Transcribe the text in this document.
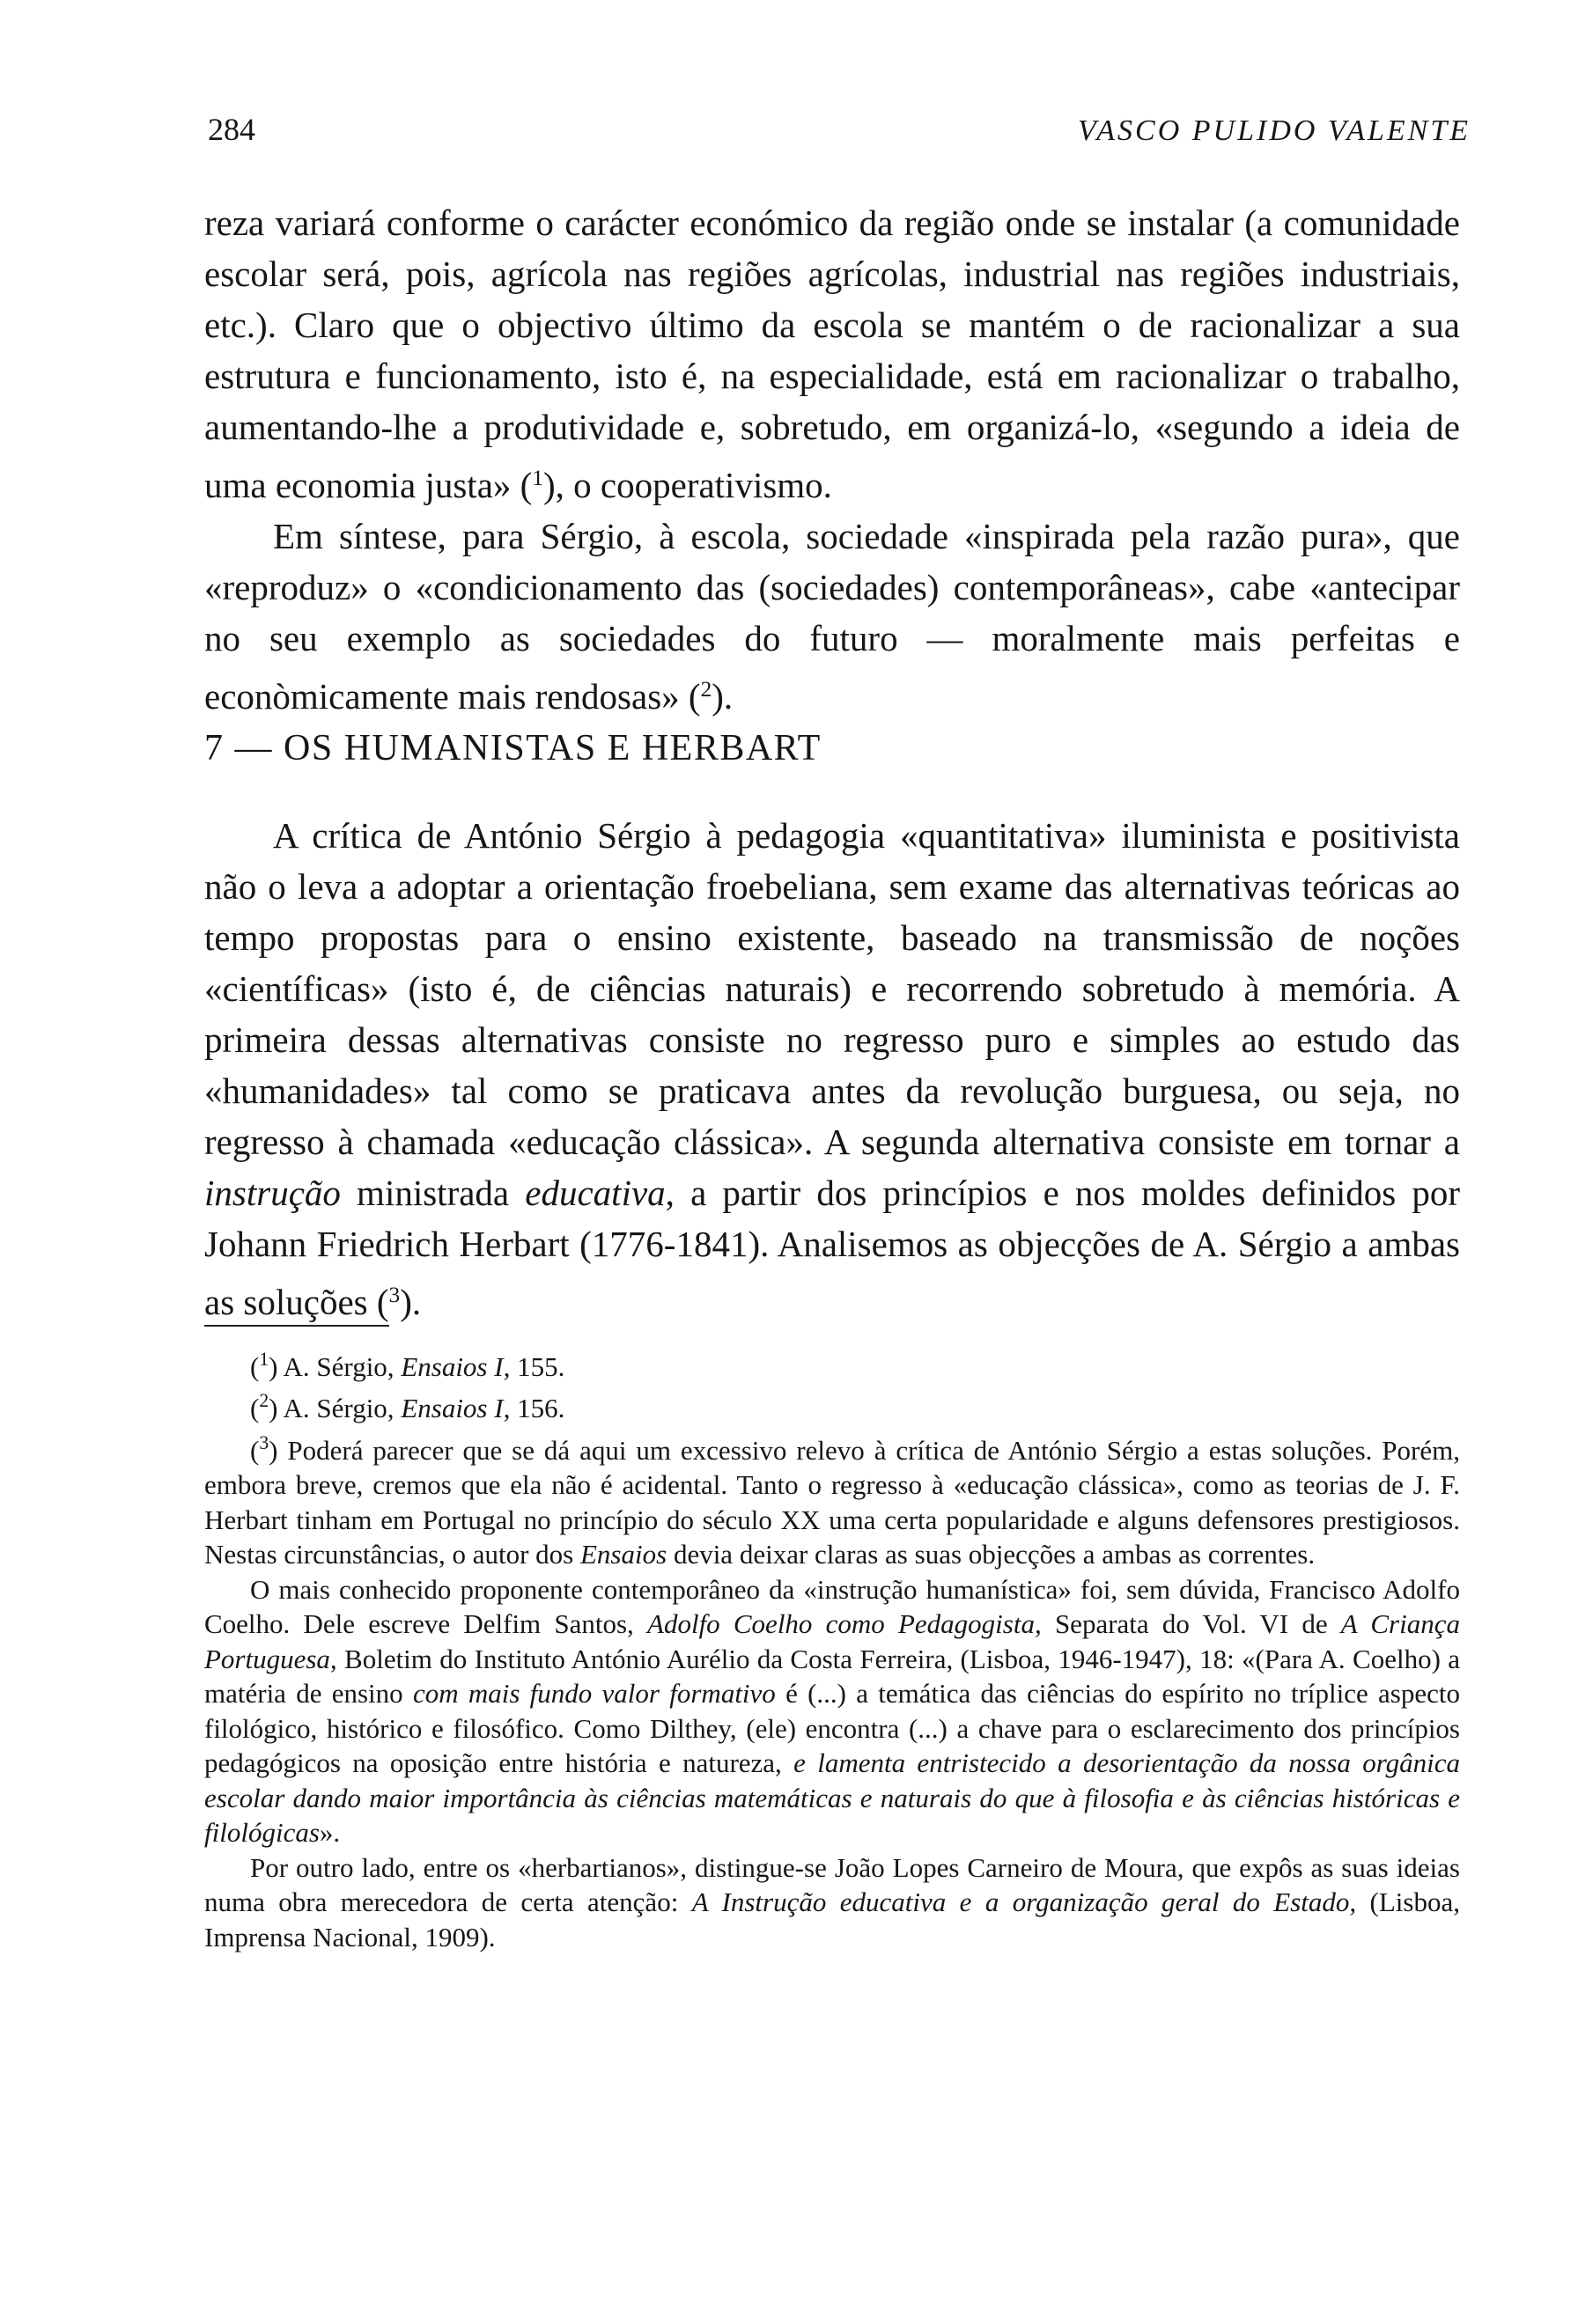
284	VASCO PULIDO VALENTE

reza variará conforme o carácter económico da região onde se instalar (a comunidade escolar será, pois, agrícola nas regiões agrícolas, industrial nas regiões industriais, etc.). Claro que o objectivo último da escola se mantém o de racionalizar a sua estrutura e funcionamento, isto é, na especialidade, está em racionalizar o trabalho, aumentando-lhe a produtividade e, sobretudo, em organizá-lo, «segundo a ideia de uma economia justa» ($^1$), o cooperativismo.

Em síntese, para Sérgio, à escola, sociedade «inspirada pela razão pura», que «reproduz» o «condicionamento das (sociedades) contemporâneas», cabe «antecipar no seu exemplo as sociedades do futuro — moralmente mais perfeitas e econòmicamente mais rendosas» ($^2$).

7 — OS HUMANISTAS E HERBART

A crítica de António Sérgio à pedagogia «quantitativa» iluminista e positivista não o leva a adoptar a orientação froebeliana, sem exame das alternativas teóricas ao tempo propostas para o ensino existente, baseado na transmissão de noções «científicas» (isto é, de ciências naturais) e recorrendo sobretudo à memória. A primeira dessas alternativas consiste no regresso puro e simples ao estudo das «humanidades» tal como se praticava antes da revolução burguesa, ou seja, no regresso à chamada «educação clássica». A segunda alternativa consiste em tornar a instrução ministrada educativa, a partir dos princípios e nos moldes definidos por Johann Friedrich Herbart (1776-1841). Analisemos as objecções de A. Sérgio a ambas as soluções ($^3$).

($^1$) A. Sérgio, Ensaios I, 155.

($^2$) A. Sérgio, Ensaios I, 156.

($^3$) Poderá parecer que se dá aqui um excessivo relevo à crítica de António Sérgio a estas soluções. Porém, embora breve, cremos que ela não é acidental. Tanto o regresso à «educação clássica», como as teorias de J. F. Herbart tinham em Portugal no princípio do século XX uma certa popularidade e alguns defensores prestigiosos. Nestas circunstâncias, o autor dos Ensaios devia deixar claras as suas objecções a ambas as correntes.

O mais conhecido proponente contemporâneo da «instrução humanística» foi, sem dúvida, Francisco Adolfo Coelho. Dele escreve Delfim Santos, Adolfo Coelho como Pedagogista, Separata do Vol. VI de A Criança Portuguesa, Boletim do Instituto António Aurélio da Costa Ferreira, (Lisboa, 1946-1947), 18: «(Para A. Coelho) a matéria de ensino com mais fundo valor formativo é (...) a temática das ciências do espírito no tríplice aspecto filológico, histórico e filosófico. Como Dilthey, (ele) encontra (...) a chave para o esclarecimento dos princípios pedagógicos na oposição entre história e natureza, e lamenta entristecido a desorientação da nossa orgânica escolar dando maior importância às ciências matemáticas e naturais do que à filosofia e às ciências históricas e filológicas».

Por outro lado, entre os «herbartianos», distingue-se João Lopes Carneiro de Moura, que expôs as suas ideias numa obra merecedora de certa atenção: A Instrução educativa e a organização geral do Estado, (Lisboa, Imprensa Nacional, 1909).
